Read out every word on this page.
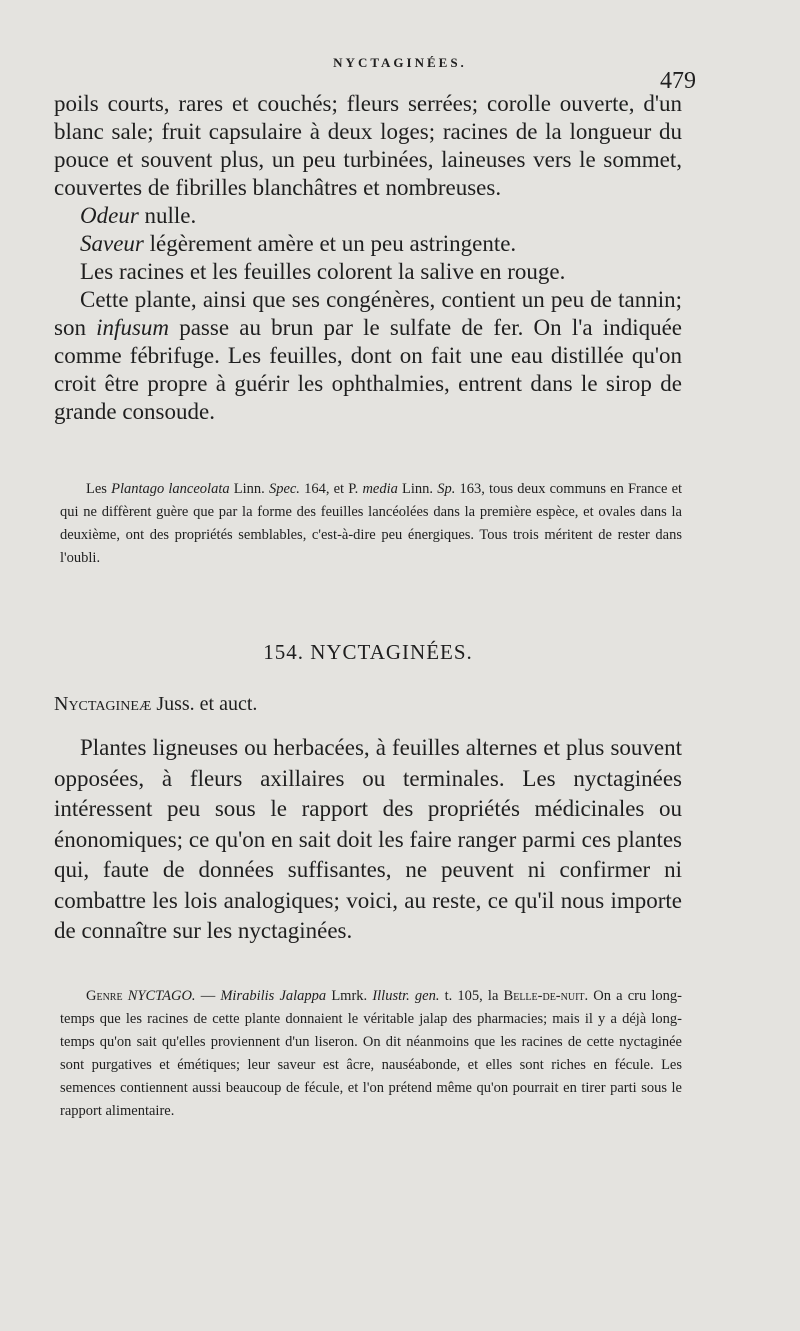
NYCTAGINÉES.
479

poils courts, rares et couchés; fleurs serrées; corolle ouverte, d'un blanc sale; fruit capsulaire à deux loges; racines de la longueur du pouce et souvent plus, un peu turbinées, laineuses vers le sommet, couvertes de fibrilles blanchâtres et nombreuses.

Odeur nulle.

Saveur légèrement amère et un peu astringente.

Les racines et les feuilles colorent la salive en rouge.

Cette plante, ainsi que ses congénères, contient un peu de tannin; son infusum passe au brun par le sulfate de fer. On l'a indiquée comme fébrifuge. Les feuilles, dont on fait une eau distillée qu'on croit être propre à guérir les ophthalmies, entrent dans le sirop de grande consoude.

Les Plantago lanceolata Linn. Spec. 164, et P. media Linn. Sp. 163, tous deux communs en France et qui ne diffèrent guère que par la forme des feuilles lancéolées dans la première espèce, et ovales dans la deuxième, ont des propriétés semblables, c'est-à-dire peu énergiques. Tous trois méritent de rester dans l'oubli.

154. NYCTAGINÉES.

Nyctagineæ Juss. et auct.

Plantes ligneuses ou herbacées, à feuilles alternes et plus souvent opposées, à fleurs axillaires ou terminales. Les nyctaginées intéressent peu sous le rapport des propriétés médicinales ou énonomiques; ce qu'on en sait doit les faire ranger parmi ces plantes qui, faute de données suffisantes, ne peuvent ni confirmer ni combattre les lois analogiques; voici, au reste, ce qu'il nous importe de connaître sur les nyctaginées.

Genre NYCTAGO. — Mirabilis Jalappa Lmrk. Illustr. gen. t. 105, la Belle-de-nuit. On a cru long-temps que les racines de cette plante donnaient le véritable jalap des pharmacies; mais il y a déjà long-temps qu'on sait qu'elles proviennent d'un liseron. On dit néanmoins que les racines de cette nyctaginée sont purgatives et émétiques; leur saveur est âcre, nauséabonde, et elles sont riches en fécule. Les semences contiennent aussi beaucoup de fécule, et l'on prétend même qu'on pourrait en tirer parti sous le rapport alimentaire.
